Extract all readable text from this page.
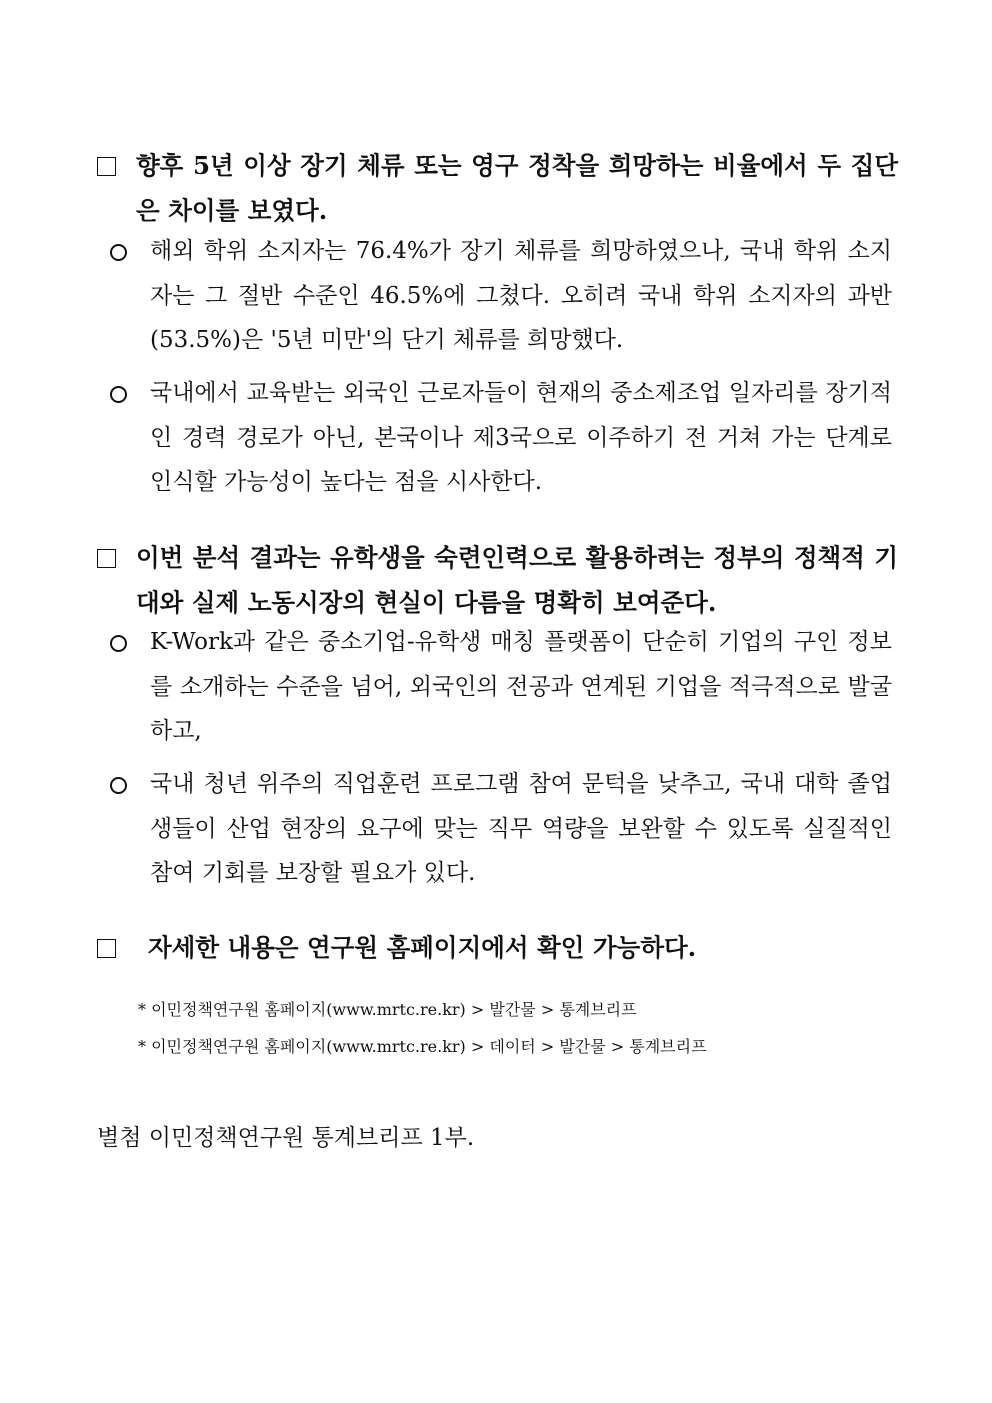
향후 5년 이상 장기 체류 또는 영구 정착을 희망하는 비율에서 두 집단은 차이를 보였다.
해외 학위 소지자는 76.4%가 장기 체류를 희망하였으나, 국내 학위 소지자는 그 절반 수준인 46.5%에 그쳤다. 오히려 국내 학위 소지자의 과반(53.5%)은 '5년 미만'의 단기 체류를 희망했다.
국내에서 교육받는 외국인 근로자들이 현재의 중소제조업 일자리를 장기적인 경력 경로가 아닌, 본국이나 제3국으로 이주하기 전 거쳐 가는 단계로 인식할 가능성이 높다는 점을 시사한다.
이번 분석 결과는 유학생을 숙련인력으로 활용하려는 정부의 정책적 기대와 실제 노동시장의 현실이 다름을 명확히 보여준다.
K-Work과 같은 중소기업-유학생 매칭 플랫폼이 단순히 기업의 구인 정보를 소개하는 수준을 넘어, 외국인의 전공과 연계된 기업을 적극적으로 발굴하고,
국내 청년 위주의 직업훈련 프로그램 참여 문턱을 낮추고, 국내 대학 졸업생들이 산업 현장의 요구에 맞는 직무 역량을 보완할 수 있도록 실질적인 참여 기회를 보장할 필요가 있다.
자세한 내용은 연구원 홈페이지에서 확인 가능하다.
* 이민정책연구원 홈페이지(www.mrtc.re.kr) > 발간물 > 통계브리프
* 이민정책연구원 홈페이지(www.mrtc.re.kr) > 데이터 > 발간물 > 통계브리프
별첨 이민정책연구원 통계브리프 1부.
